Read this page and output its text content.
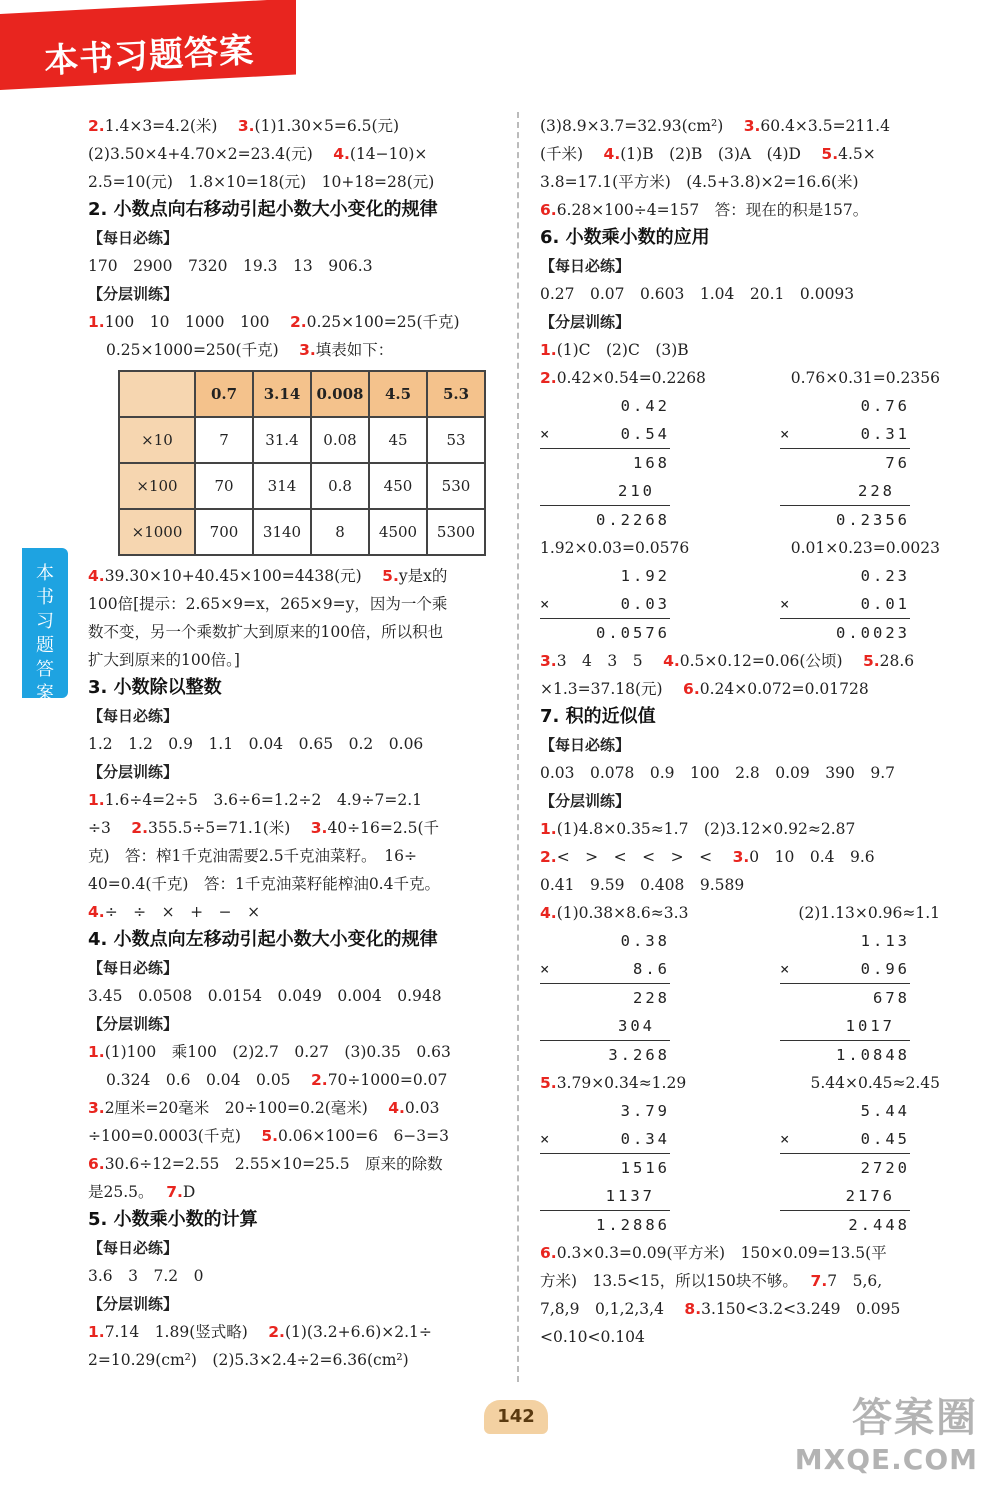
本书习题答案
本书习题答案
2.1.4×3=4.2(米)　 3.(1)1.30×5=6.5(元)
(2)3.50×4+4.70×2=23.4(元)　 4.(14−10)×
2.5=10(元)　1.8×10=18(元)　10+18=28(元)
2. 小数点向右移动引起小数大小变化的规律
【每日必练】
170　2900　7320　19.3　13　906.3
【分层训练】
1.100　10　1000　100　 2.0.25×100=25(千克)
0.25×1000=250(千克)　 3.填表如下：
	0.7	3.14	0.008	4.5	5.3
×10	7	31.4	0.08	45	53
×100	70	314	0.8	450	530
×1000	700	3140	8	4500	5300
4.39.30×10+40.45×100=4438(元)　 5.y是x的
100倍[提示：2.65×9=x，265×9=y，因为一个乘
数不变，另一个乘数扩大到原来的100倍，所以积也
扩大到原来的100倍。]
3. 小数除以整数
【每日必练】
1.2　1.2　0.9　1.1　0.04　0.65　0.2　0.06
【分层训练】
1.1.6÷4=2÷5　3.6÷6=1.2÷2　4.9÷7=2.1
÷3　 2.355.5÷5=71.1(米)　 3.40÷16=2.5(千
克)　答：榨1千克油需要2.5千克油菜籽。　16÷
40=0.4(千克)　答：1千克油菜籽能榨油0.4千克。
4.÷　÷　×　+　−　×
4. 小数点向左移动引起小数大小变化的规律
【每日必练】
3.45　0.0508　0.0154　0.049　0.004　0.948
【分层训练】
1.(1)100　乘100　(2)2.7　0.27　(3)0.35　0.63
0.324　0.6　0.04　0.05　 2.70÷1000=0.07
3.2厘米=20毫米　20÷100=0.2(毫米)　 4.0.03
÷100=0.0003(千克)　 5.0.06×100=6　6−3=3
6.30.6÷12=2.55　2.55×10=25.5　原来的除数
是25.5。　 7.D
5. 小数乘小数的计算
【每日必练】
3.6　3　7.2　0
【分层训练】
1.7.14　1.89(竖式略)　 2.(1)(3.2+6.6)×2.1÷
2=10.29(cm²)　(2)5.3×2.4÷2=6.36(cm²)
(3)8.9×3.7=32.93(cm²)　 3.60.4×3.5=211.4
(千米)　 4.(1)B　(2)B　(3)A　(4)D　 5.4.5×
3.8=17.1(平方米)　(4.5+3.8)×2=16.6(米)
6.6.28×100÷4=157　答：现在的积是157。
6. 小数乘小数的应用
【每日必练】
0.27　0.07　0.603　1.04　20.1　0.0093
【分层训练】
1.(1)C　(2)C　(3)B
2.0.42×0.54=0.2268	0.76×0.31=0.2356
0.42
×	0.54
168
210
0.2268
0.76
×	0.31
76
228
0.2356
1.92×0.03=0.0576	0.01×0.23=0.0023
1.92
×	0.03
0.0576
0.23
×	0.01
0.0023
3.3　4　3　5　 4.0.5×0.12=0.06(公顷)　 5.28.6
×1.3=37.18(元)　 6.0.24×0.072=0.01728
7. 积的近似值
【每日必练】
0.03　0.078　0.9　100　2.8　0.09　390　9.7
【分层训练】
1.(1)4.8×0.35≈1.7　(2)3.12×0.92≈2.87
2.<　>　<　<　>　<　 3.0　10　0.4　9.6
0.41　9.59　0.408　9.589
4.(1)0.38×8.6≈3.3	(2)1.13×0.96≈1.1
0.38
×	8.6
228
304
3.268
1.13
×	0.96
678
1017
1.0848
5.3.79×0.34≈1.29	5.44×0.45≈2.45
3.79
×	0.34
1516
1137
1.2886
5.44
×	0.45
2720
2176
2.448
6.0.3×0.3=0.09(平方米)　150×0.09=13.5(平
方米)　13.5<15，所以150块不够。　 7.7　5,6,
7,8,9　0,1,2,3,4　 8.3.150<3.2<3.249　0.095
<0.10<0.104
142	答案圈
MXQE.COM
